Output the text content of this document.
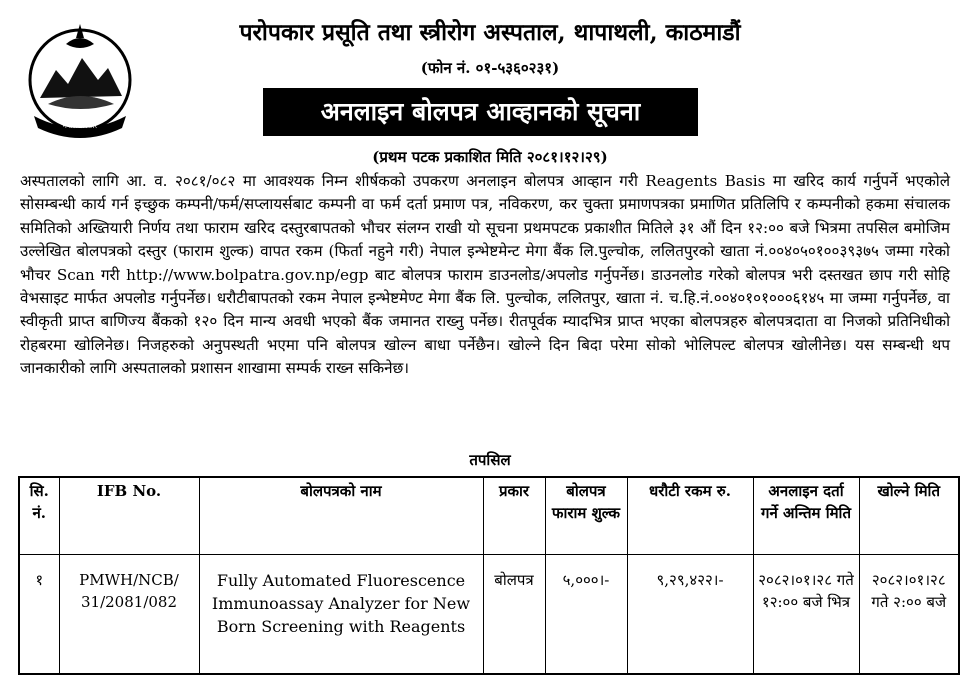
नेपाल सरकार
परोपकार प्रसूति तथा स्त्रीरोग अस्पताल, थापाथली, काठमाडौं
(फोन नं. ०१-५३६०२३१)
अनलाइन बोलपत्र आव्हानको सूचना
(प्रथम पटक प्रकाशित मिति २०८१।१२।२९)
अस्पतालको लागि आ. व. २०८१/०८२ मा आवश्यक निम्न शीर्षकको उपकरण अनलाइन बोलपत्र आव्हान गरी Reagents Basis मा खरिद कार्य गर्नुपर्ने भएकोले सोसम्बन्धी कार्य गर्न इच्छुक कम्पनी/फर्म/सप्लायर्सबाट कम्पनी वा फर्म दर्ता प्रमाण पत्र, नविकरण, कर चुक्ता प्रमाणपत्रका प्रमाणित प्रतिलिपि र कम्पनीको हकमा संचालक समितिको अख्तियारी निर्णय तथा फाराम खरिद दस्तुरबापतको भौचर संलग्न राखी यो सूचना प्रथमपटक प्रकाशीत मितिले ३१ औं दिन १२:०० बजे भित्रमा तपसिल बमोजिम उल्लेखित बोलपत्रको दस्तुर (फाराम शुल्क) वापत रकम (फिर्ता नहुने गरी) नेपाल इन्भेष्टमेन्ट मेगा बैंक लि.पुल्चोक, ललितपुरको खाता नं.००४०५०१००३९३७५ जम्मा गरेको भौचर Scan गरी http://www.bolpatra.gov.np/egp बाट बोलपत्र फाराम डाउनलोड/अपलोड गर्नुपर्नेछ। डाउनलोड गरेको बोलपत्र भरी दस्तखत छाप गरी सोहि वेभसाइट मार्फत अपलोड गर्नुपर्नेछ। धरौटीबापतको रकम नेपाल इन्भेष्टमेण्ट मेगा बैंक लि. पुल्चोक, ललितपुर, खाता नं. च.हि.नं.००४०१०१०००६१४५ मा जम्मा गर्नुपर्नेछ, वा स्वीकृती प्राप्त बाणिज्य बैंकको १२० दिन मान्य अवधी भएको बैंक जमानत राख्नु पर्नेछ। रीतपूर्वक म्यादभित्र प्राप्त भएका बोलपत्रहरु बोलपत्रदाता वा निजको प्रतिनिधीको रोहबरमा खोलिनेछ। निजहरुको अनुपस्थती भएमा पनि बोलपत्र खोल्न बाधा पर्नेछैन। खोल्ने दिन बिदा परेमा सोको भोलिपल्ट बोलपत्र खोलीनेछ। यस सम्बन्धी थप जानकारीको लागि अस्पतालको प्रशासन शाखामा सम्पर्क राख्न सकिनेछ।
तपसिल
सि. नं.	IFB No.	बोलपत्रको नाम	प्रकार	बोलपत्र फाराम शुल्क	धरौटी रकम रु.	अनलाइन दर्ता गर्ने अन्तिम मिति	खोल्ने मिति
१	PMWH/NCB/ 31/2081/082	Fully Automated Fluorescence Immunoassay Analyzer for New Born Screening with Reagents	बोलपत्र	५,०००।-	९,२९,४२२।-	२०८२।०१।२८ गते १२:०० बजे भित्र	२०८२।०१।२८ गते २:०० बजे
